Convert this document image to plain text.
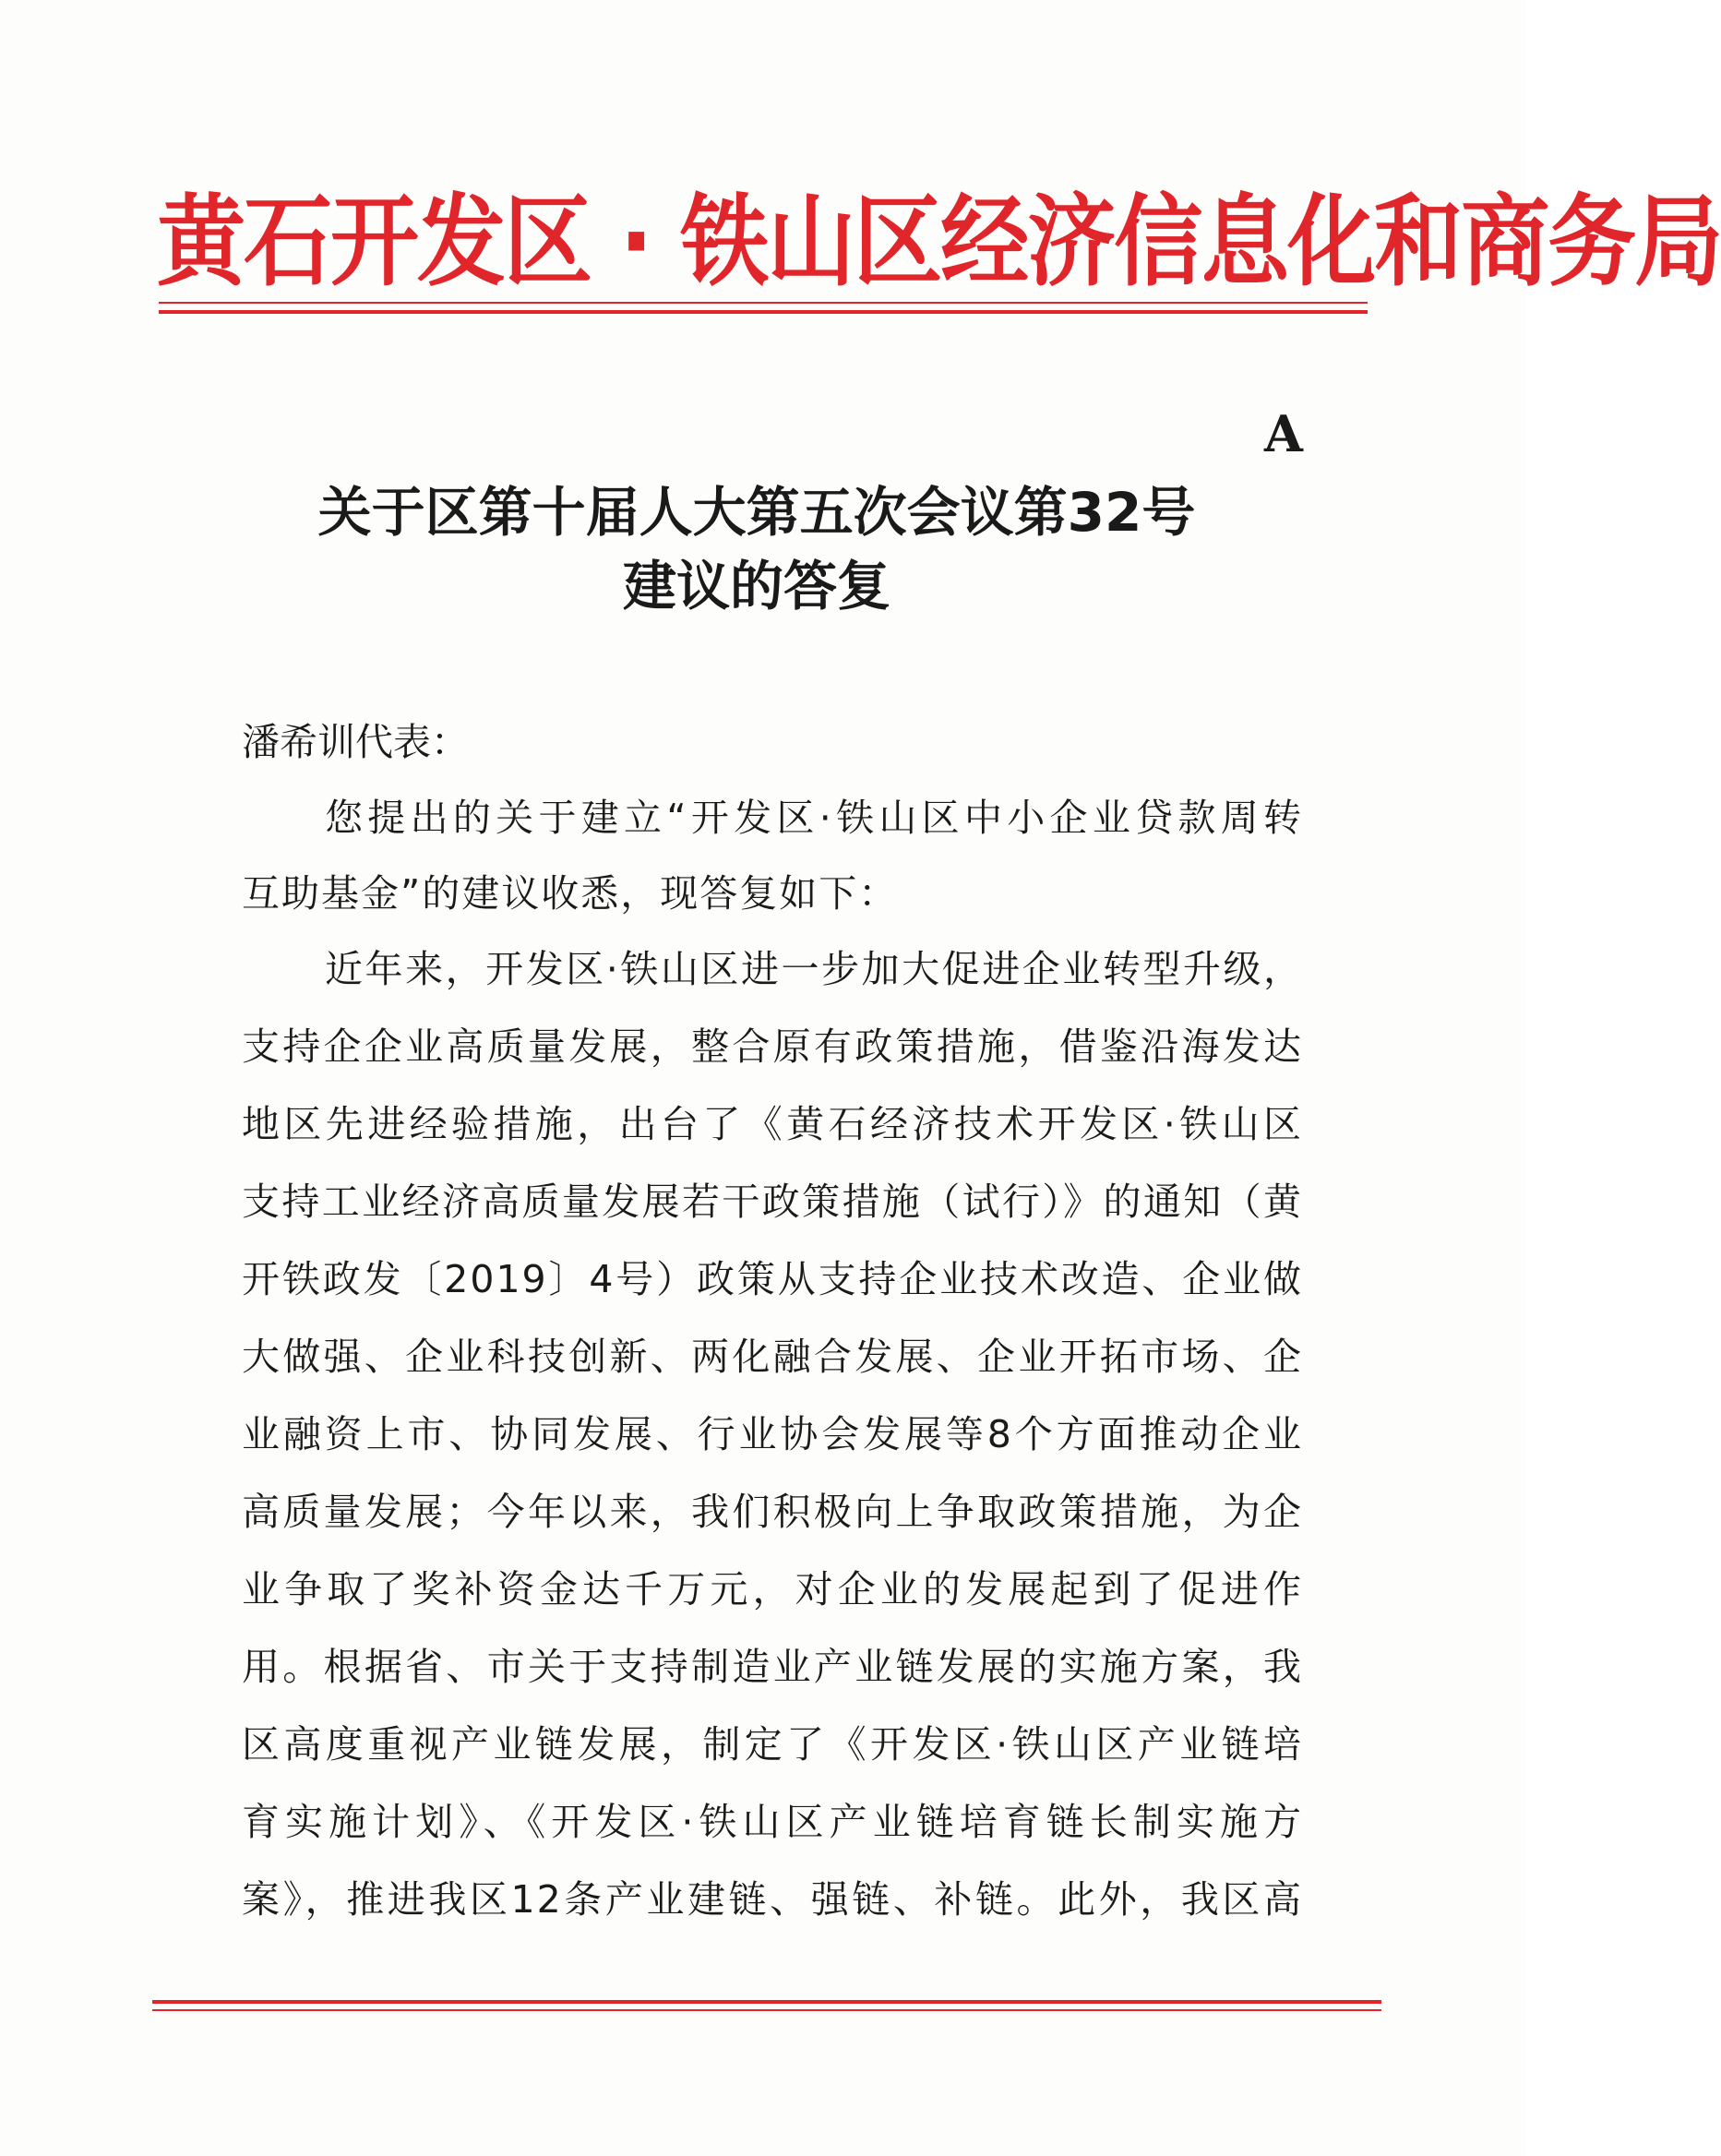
黄石开发区 · 铁山区经济信息化和商务局
A
关于区第十届人大第五次会议第32号
建议的答复
潘希训代表：
您提出的关于建立“开发区·铁山区中小企业贷款周转
互助基金”的建议收悉，现答复如下：
近年来，开发区·铁山区进一步加大促进企业转型升级，
支持企企业高质量发展，整合原有政策措施，借鉴沿海发达
地区先进经验措施，出台了《黄石经济技术开发区·铁山区
支持工业经济高质量发展若干政策措施（试行）》的通知（黄
开铁政发〔2019〕4号）政策从支持企业技术改造、企业做
大做强、企业科技创新、两化融合发展、企业开拓市场、企
业融资上市、协同发展、行业协会发展等8个方面推动企业
高质量发展；今年以来，我们积极向上争取政策措施，为企
业争取了奖补资金达千万元，对企业的发展起到了促进作
用。根据省、市关于支持制造业产业链发展的实施方案，我
区高度重视产业链发展，制定了《开发区·铁山区产业链培
育实施计划》、《开发区·铁山区产业链培育链长制实施方
案》，推进我区12条产业建链、强链、补链。此外，我区高
